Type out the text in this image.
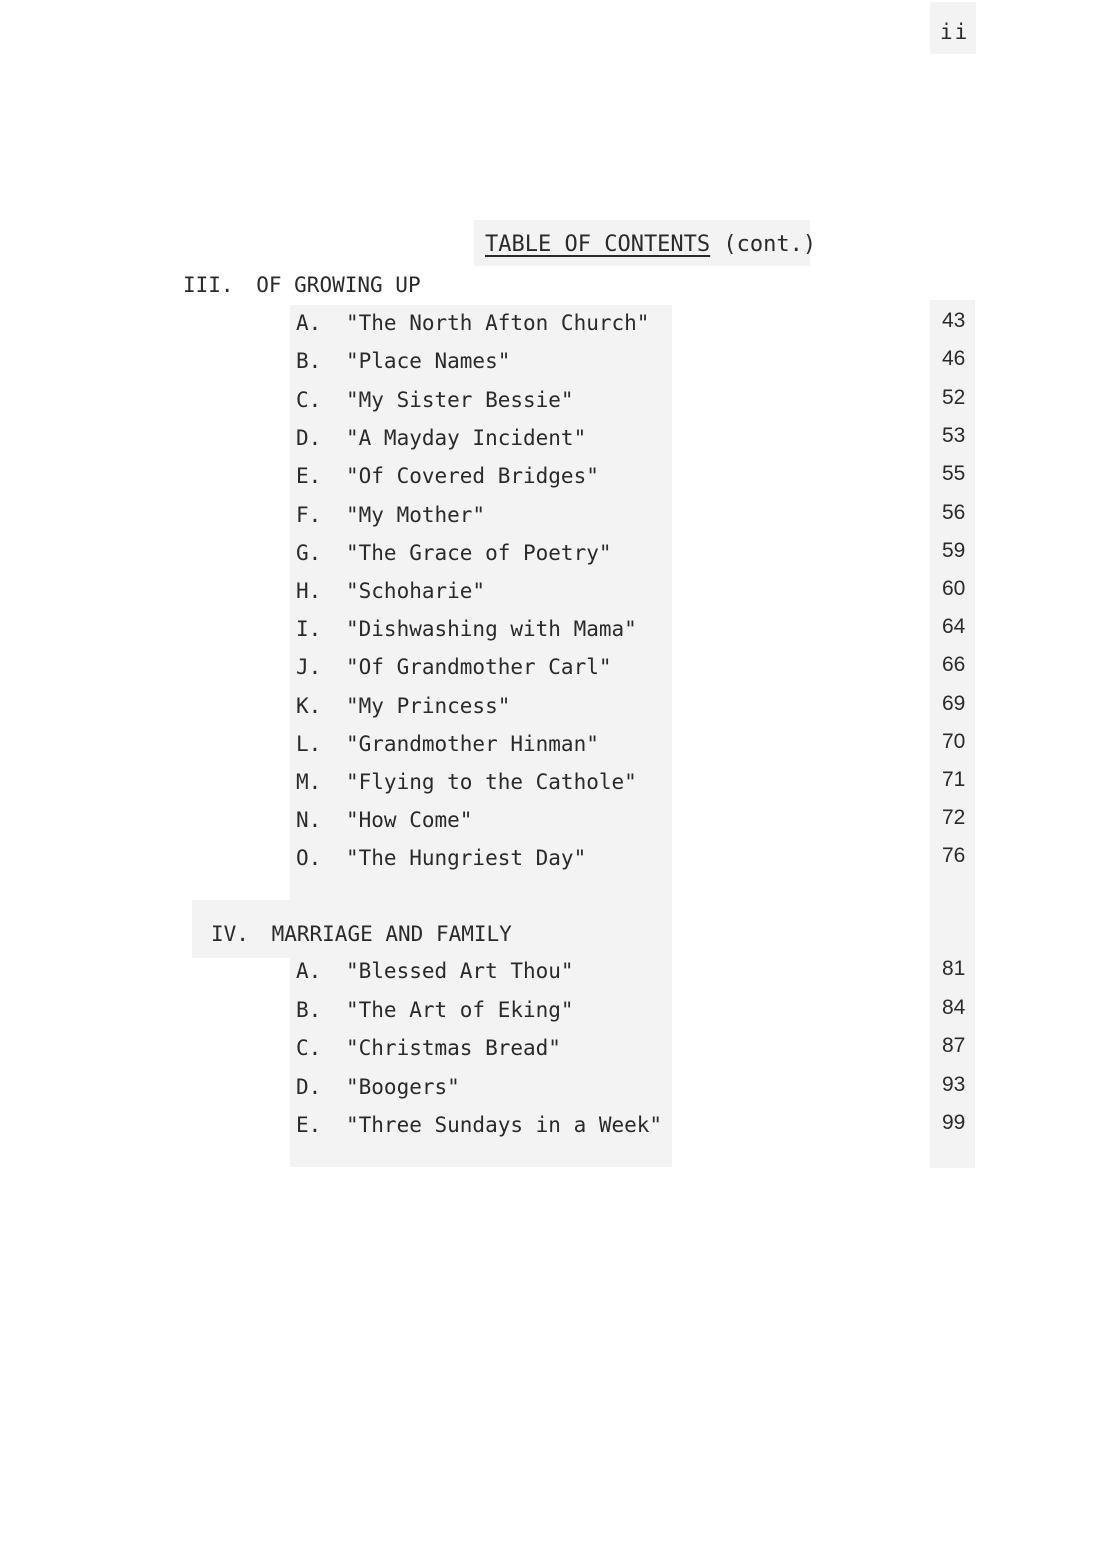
ii
TABLE OF CONTENTS (cont.)
III. OF GROWING UP
A. "The North Afton Church"	43
B. "Place Names"	46
C. "My Sister Bessie"	52
D. "A Mayday Incident"	53
E. "Of Covered Bridges"	55
F. "My Mother"	56
G. "The Grace of Poetry"	59
H. "Schoharie"	60
I. "Dishwashing with Mama"	64
J. "Of Grandmother Carl"	66
K. "My Princess"	69
L. "Grandmother Hinman"	70
M. "Flying to the Cathole"	71
N. "How Come"	72
O. "The Hungriest Day"	76
IV. MARRIAGE AND FAMILY
A. "Blessed Art Thou"	81
B. "The Art of Eking"	84
C. "Christmas Bread"	87
D. "Boogers"	93
E. "Three Sundays in a Week"	99
